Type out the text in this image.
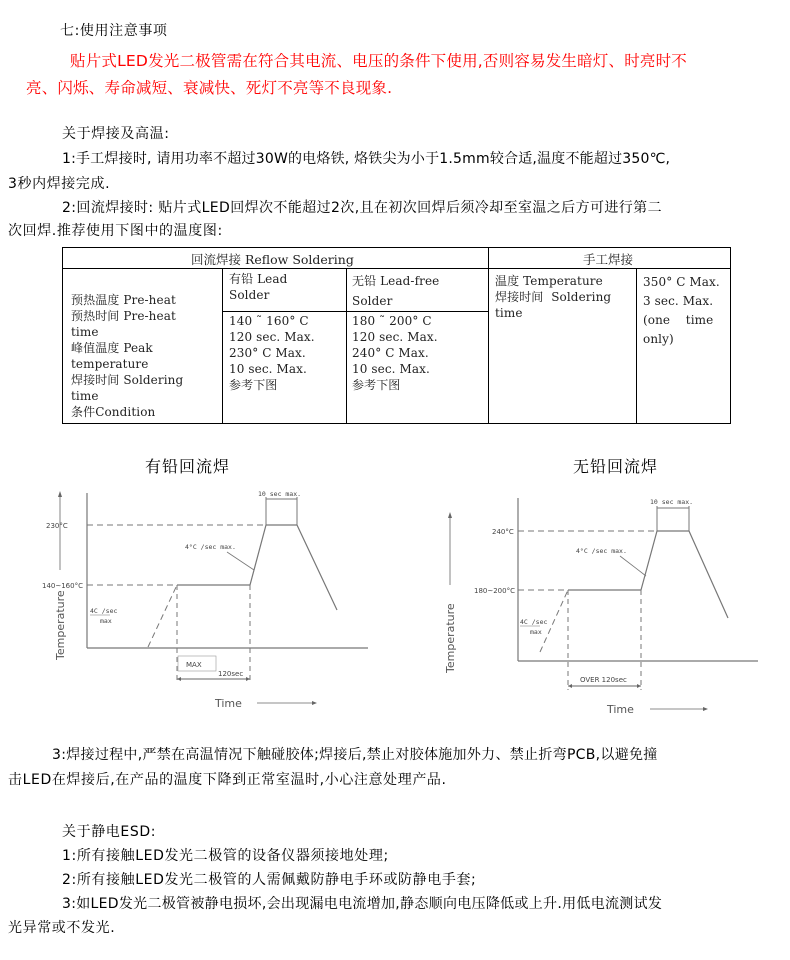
七:使用注意事项
贴片式LED发光二极管需在符合其电流、电压的条件下使用,否则容易发生暗灯、时亮时不
亮、闪烁、寿命减短、衰减快、死灯不亮等不良现象.
关于焊接及高温:
1:手工焊接时, 请用功率不超过30W的电烙铁, 烙铁尖为小于1.5mm较合适,温度不能超过350℃,
3秒内焊接完成.
2:回流焊接时: 贴片式LED回焊次不能超过2次,且在初次回焊后须冷却至室温之后方可进行第二
次回焊.推荐使用下图中的温度图:
回流焊接 Reflow Soldering	手工焊接
预热温度 Pre-heat
预热时间 Pre-heat
time
峰值温度 Peak
temperature
焊接时间 Soldering
time
条件Condition
有铅 Lead
Solder
140 ˜ 160° C
120 sec. Max.
230° C Max.
10 sec. Max.
参考下图
无铅 Lead-free
Solder
180 ˜ 200° C
120 sec. Max.
240° C Max.
10 sec. Max.
参考下图
温度 Temperature
焊接时间  Soldering
time
350° C Max.
3 sec. Max.
(one    time
only)
有铅回流焊
Temperature
10 sec max.
230°C
140~160°C
4°C /sec max.
4C /sec
max
MAX
120sec
Time
无铅回流焊
Temperature
10 sec max.
240°C
180~200°C
4°C /sec max.
4C /sec
max
OVER 120sec
Time
3:焊接过程中,严禁在高温情况下触碰胶体;焊接后,禁止对胶体施加外力、禁止折弯PCB,以避免撞
击LED在焊接后,在产品的温度下降到正常室温时,小心注意处理产品.
关于静电ESD:
1:所有接触LED发光二极管的设备仪器须接地处理;
2:所有接触LED发光二极管的人需佩戴防静电手环或防静电手套;
3:如LED发光二极管被静电损坏,会出现漏电电流增加,静态顺向电压降低或上升.用低电流测试发
光异常或不发光.
